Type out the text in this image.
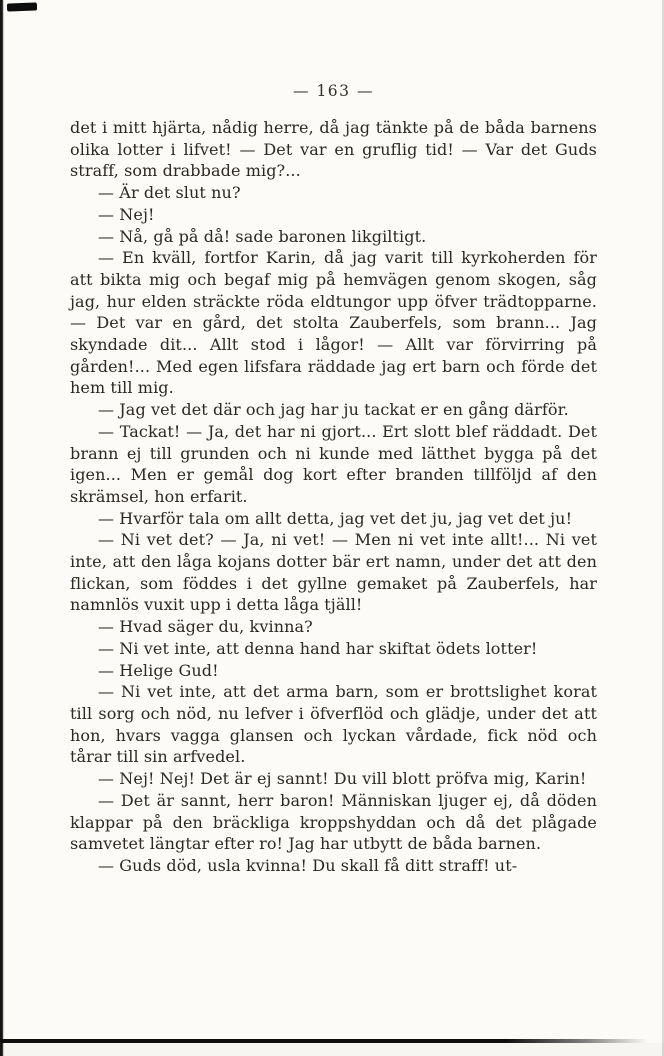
— 163 —

det i mitt hjärta, nådig herre, då jag tänkte på de båda barnens olika lotter i lifvet! — Det var en gruflig tid! — Var det Guds straff, som drabbade mig?...

— Är det slut nu?

— Nej!

— Nå, gå på då! sade baronen likgiltigt.

— En kväll, fortfor Karin, då jag varit till kyrkoherden för att bikta mig och begaf mig på hemvägen genom skogen, såg jag, hur elden sträckte röda eldtungor upp öfver trädtopparne. — Det var en gård, det stolta Zauberfels, som brann... Jag skyndade dit... Allt stod i lågor! — Allt var förvirring på gården!... Med egen lifsfara räddade jag ert barn och förde det hem till mig.

— Jag vet det där och jag har ju tackat er en gång därför.

— Tackat! — Ja, det har ni gjort... Ert slott blef räddadt. Det brann ej till grunden och ni kunde med lätthet bygga på det igen... Men er gemål dog kort efter branden tillföljd af den skrämsel, hon erfarit.

— Hvarför tala om allt detta, jag vet det ju, jag vet det ju!

— Ni vet det? — Ja, ni vet! — Men ni vet inte allt!... Ni vet inte, att den låga kojans dotter bär ert namn, under det att den flickan, som föddes i det gyllne gemaket på Zauberfels, har namnlös vuxit upp i detta låga tjäll!

— Hvad säger du, kvinna?

— Ni vet inte, att denna hand har skiftat ödets lotter!

— Helige Gud!

— Ni vet inte, att det arma barn, som er brottslighet korat till sorg och nöd, nu lefver i öfverflöd och glädje, under det att hon, hvars vagga glansen och lyckan vårdade, fick nöd och tårar till sin arfvedel.

— Nej! Nej! Det är ej sannt! Du vill blott pröfva mig, Karin!

— Det är sannt, herr baron! Människan ljuger ej, då döden klappar på den bräckliga kroppshyddan och då det plågade samvetet längtar efter ro! Jag har utbytt de båda barnen.

— Guds död, usla kvinna! Du skall få ditt straff! ut-
